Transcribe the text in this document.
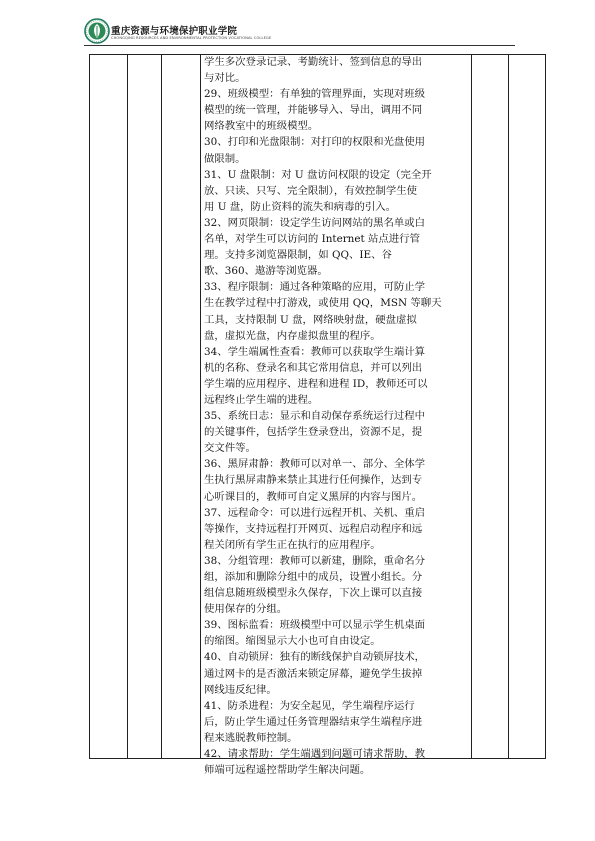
重庆资源与环境保护职业学院
CHONGQING RESOURCES AND ENVIRONMENTAL PROTECTION VOCATIONAL COLLEGE
学生多次登录记录、考勤统计、签到信息的导出
与对比。
29、班级模型：有单独的管理界面，实现对班级
模型的统一管理，并能够导入、导出，调用不同
网络教室中的班级模型。
30、打印和光盘限制：对打印的权限和光盘使用
做限制。
31、U 盘限制：对 U 盘访问权限的设定（完全开
放、只读、只写、完全限制），有效控制学生使
用 U 盘，防止资料的流失和病毒的引入。
32、网页限制：设定学生访问网站的黑名单或白
名单，对学生可以访问的 Internet 站点进行管
理。支持多浏览器限制，如 QQ、IE、谷
歌、360、遨游等浏览器。
33、程序限制：通过各种策略的应用，可防止学
生在教学过程中打游戏，或使用 QQ，MSN 等聊天
工具，支持限制 U 盘，网络映射盘，硬盘虚拟
盘，虚拟光盘，内存虚拟盘里的程序。
34、学生端属性查看：教师可以获取学生端计算
机的名称、登录名和其它常用信息，并可以列出
学生端的应用程序、进程和进程 ID，教师还可以
远程终止学生端的进程。
35、系统日志：显示和自动保存系统运行过程中
的关键事件，包括学生登录登出，资源不足，提
交文件等。
36、黑屏肃静：教师可以对单一、部分、全体学
生执行黑屏肃静来禁止其进行任何操作，达到专
心听课目的，教师可自定义黑屏的内容与图片。
37、远程命令：可以进行远程开机、关机、重启
等操作，支持远程打开网页、远程启动程序和远
程关闭所有学生正在执行的应用程序。
38、分组管理：教师可以新建，删除，重命名分
组，添加和删除分组中的成员，设置小组长。分
组信息随班级模型永久保存，下次上课可以直接
使用保存的分组。
39、图标监看：班级模型中可以显示学生机桌面
的缩图。缩图显示大小也可自由设定。
40、自动锁屏：独有的断线保护自动锁屏技术，
通过网卡的是否激活来锁定屏幕，避免学生拔掉
网线违反纪律。
41、防杀进程：为安全起见，学生端程序运行
后，防止学生通过任务管理器结束学生端程序进
程来逃脱教师控制。
42、请求帮助：学生端遇到问题可请求帮助，教
师端可远程遥控帮助学生解决问题。
